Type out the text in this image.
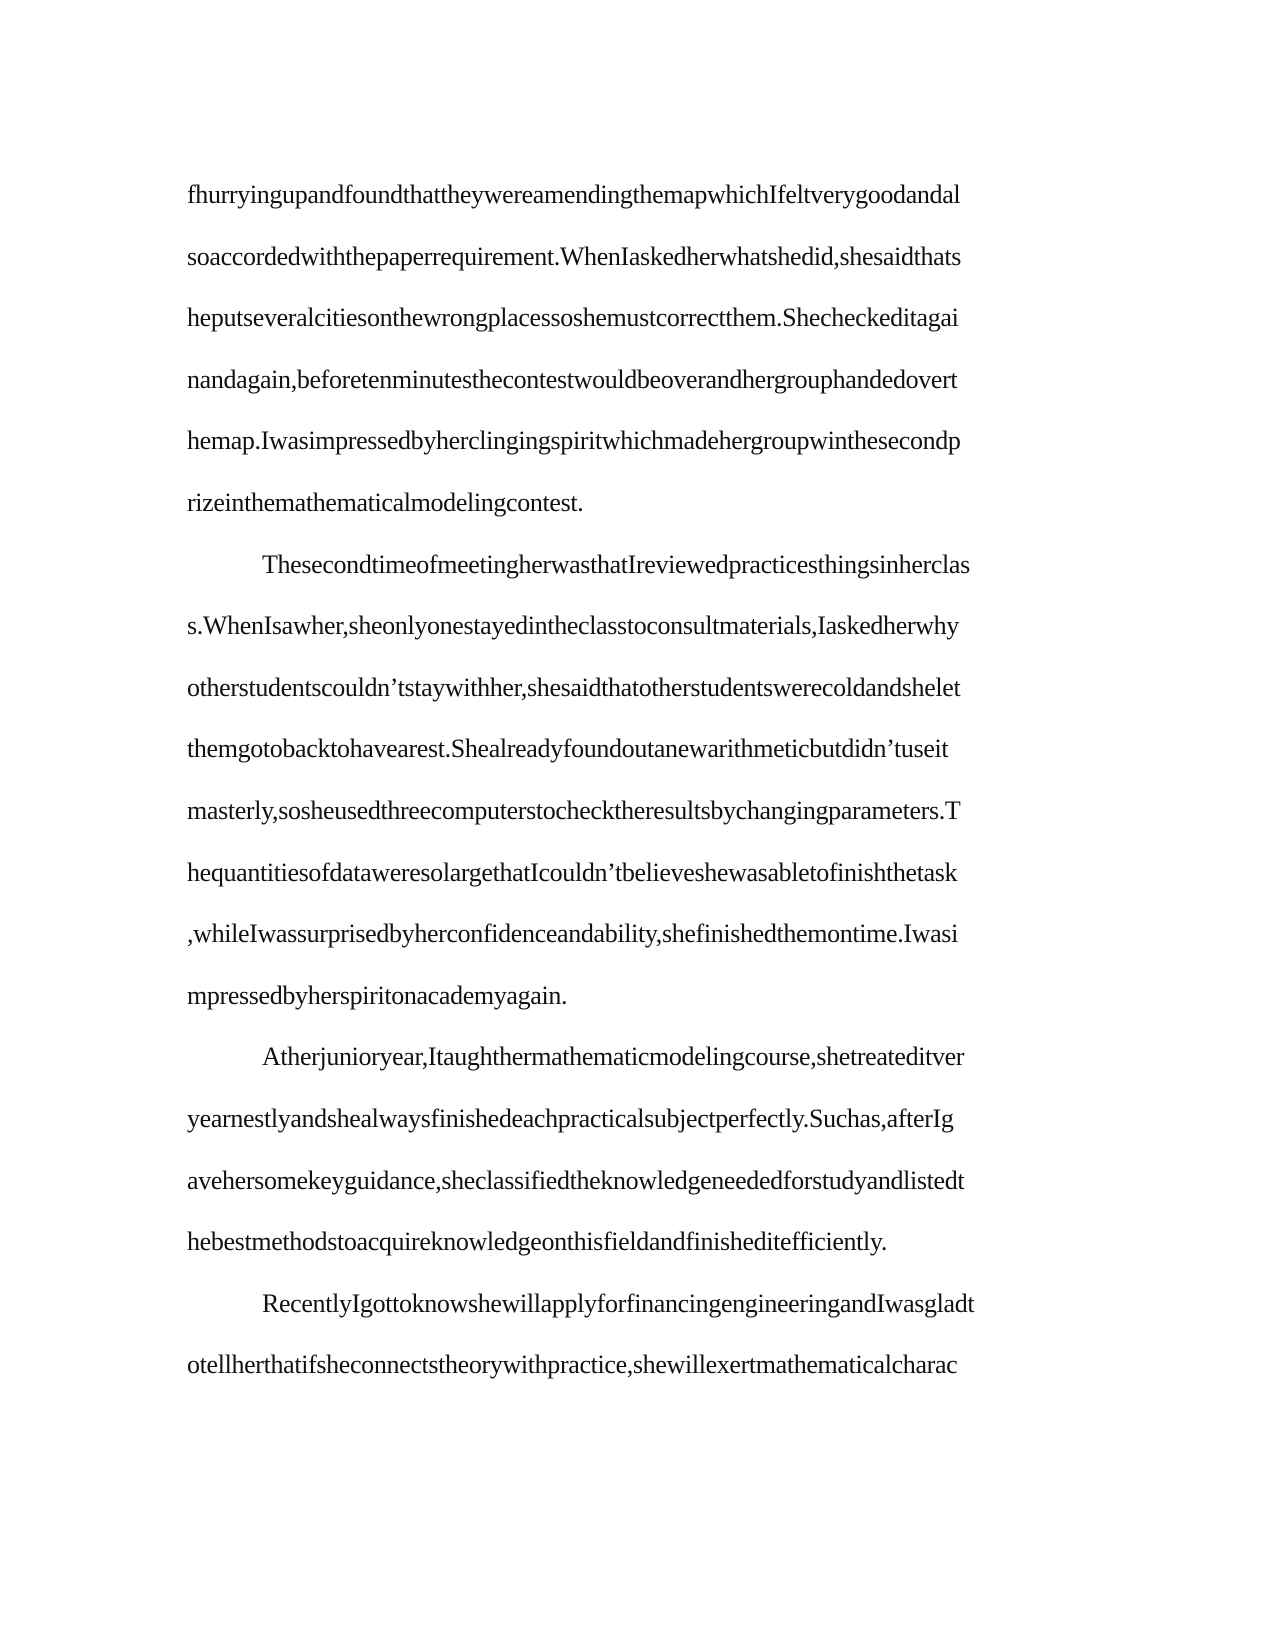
fhurryingupandfoundthattheywereamendingthemapwhichIfeltverygoodandal
soaccordedwiththepaperrequirement.WhenIaskedherwhatshedid,shesaidthats
heputseveralcitiesonthewrongplacessoshemustcorrectthem.Shecheckeditagai
nandagain,beforetenminutesthecontestwouldbeoverandhergrouphandedovert
hemap.Iwasimpressedbyherclingingspiritwhichmadehergroupwinthesecondp
rizeinthemathematicalmodelingcontest.
ThesecondtimeofmeetingherwasthatIreviewedpracticesthingsinherclas
s.WhenIsawher,sheonlyonestayedintheclasstoconsultmaterials,Iaskedherwhy
otherstudentscouldn’tstaywithher,shesaidthatotherstudentswerecoldandshelet
themgotobacktohavearest.Shealreadyfoundoutanewarithmeticbutdidn’tuseit
masterly,sosheusedthreecomputerstochecktheresultsbychangingparameters.T
hequantitiesofdataweresolargethatIcouldn’tbelieveshewasabletofinishthetask
,whileIwassurprisedbyherconfidenceandability,shefinishedthemontime.Iwasi
mpressedbyherspiritonacademyagain.
Atherjunioryear,Itaughthermathematicmodelingcourse,shetreateditver
yearnestlyandshealwaysfinishedeachpracticalsubjectperfectly.Suchas,afterIg
avehersomekeyguidance,sheclassifiedtheknowledgeneededforstudyandlistedt
hebestmethodstoacquireknowledgeonthisfieldandfinisheditefficiently.
RecentlyIgottoknowshewillapplyforfinancingengineeringandIwasgladt
otellherthatifsheconnectstheorywithpractice,shewillexertmathematicalcharac
